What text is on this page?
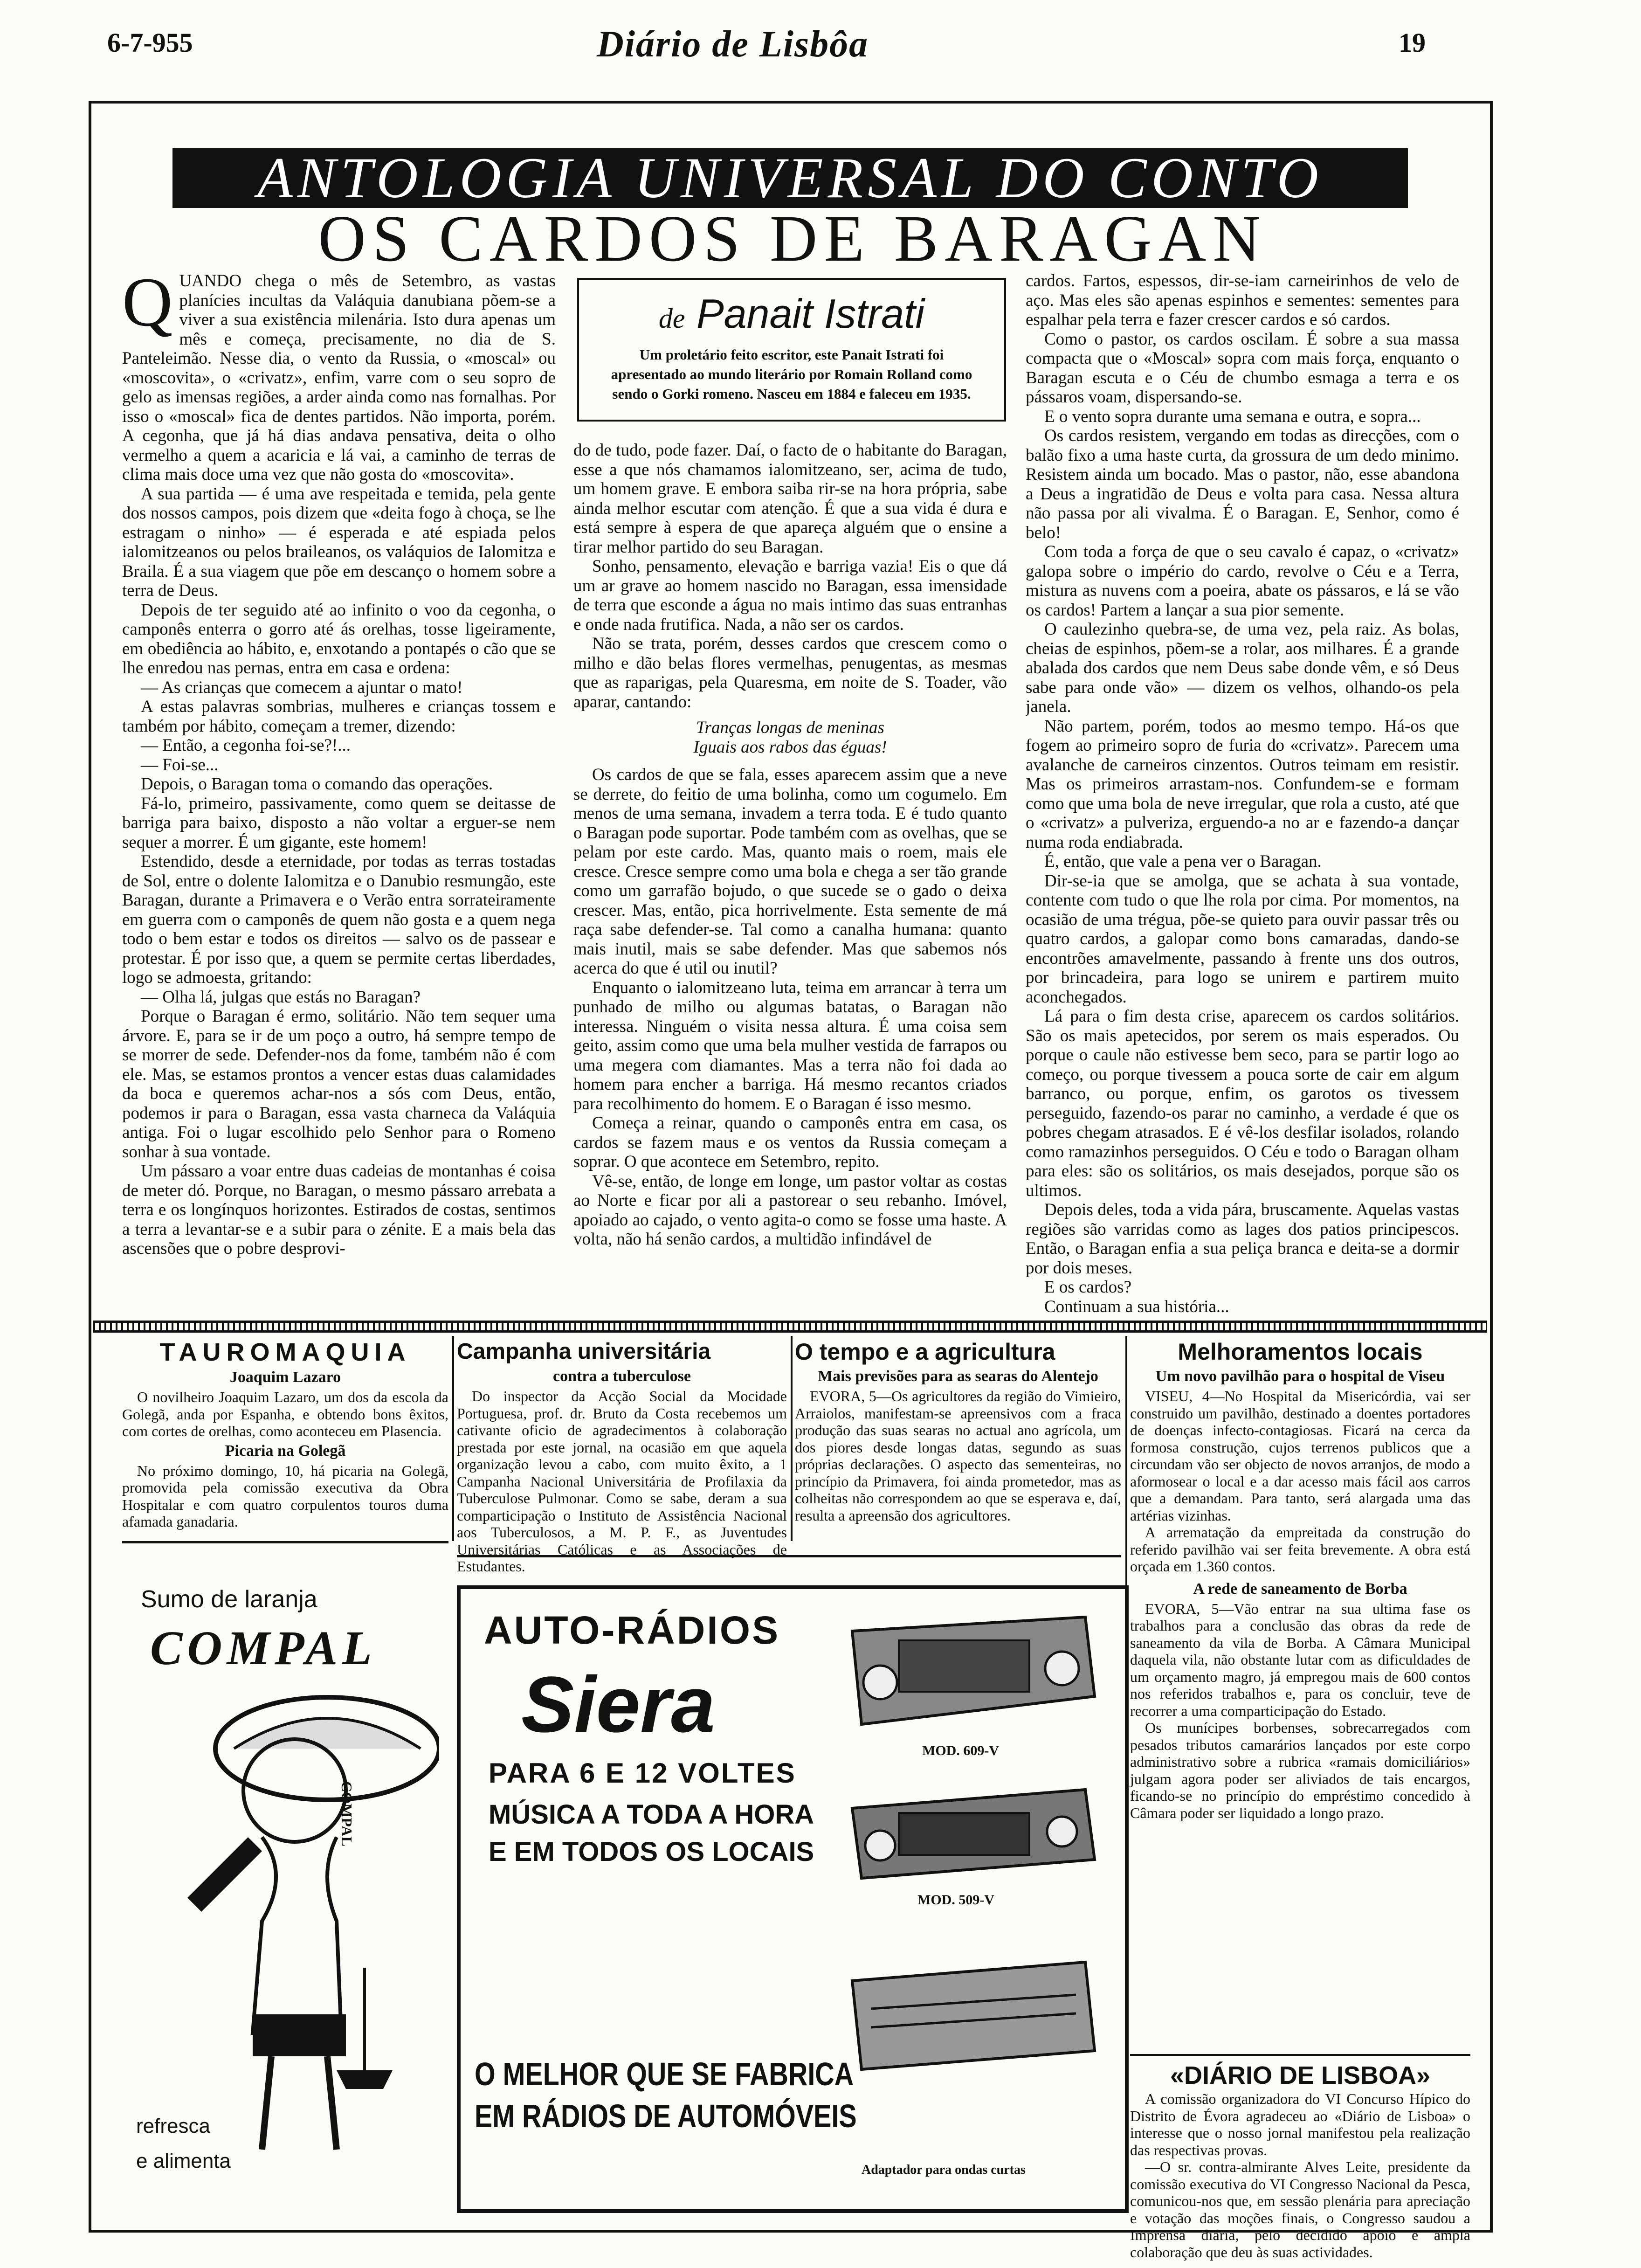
6-7-955	Diário de Lisbôa	19
ANTOLOGIA UNIVERSAL DO CONTO
OS CARDOS DE BARAGAN
de Panait Istrati
Um proletário feito escritor, este Panait Istrati foi apresentado ao mundo literário por Romain Rolland como sendo o Gorki romeno. Nasceu em 1884 e faleceu em 1935.
Q UANDO chega o mês de Setembro, as vastas planícies incultas da Valáquia danubiana põem-se a viver a sua existência milenária. Isto dura apenas um mês e começa, precisamente, no dia de S. Panteleimão. Nesse dia, o vento da Russia, o «moscal» ou «moscovita», o «crivatz», enfim, varre com o seu sopro de gelo as imensas regiões, a arder ainda como nas fornalhas. Por isso o «moscal» fica de dentes partidos. Não importa, porém. A cegonha, que já há dias andava pensativa, deita o olho vermelho a quem a acaricia e lá vai, a caminho de terras de clima mais doce uma vez que não gosta do «moscovita».

A sua partida — é uma ave respeitada e temida, pela gente dos nossos campos, pois dizem que «deita fogo à choça, se lhe estragam o ninho» — é esperada e até espiada pelos ialomitzeanos ou pelos braileanos, os valáquios de Ialomitza e Braila. É a sua viagem que põe em descanço o homem sobre a terra de Deus.

Depois de ter seguido até ao infinito o voo da cegonha, o camponês enterra o gorro até ás orelhas, tosse ligeiramente, em obediência ao hábito, e, enxotando a pontapés o cão que se lhe enredou nas pernas, entra em casa e ordena:

— As crianças que comecem a ajuntar o mato!

A estas palavras sombrias, mulheres e crianças tossem e também por hábito, começam a tremer, dizendo:

— Então, a cegonha foi-se?!...

— Foi-se...

Depois, o Baragan toma o comando das operações.

Fá-lo, primeiro, passivamente, como quem se deitasse de barriga para baixo, disposto a não voltar a erguer-se nem sequer a morrer. É um gigante, este homem!

Estendido, desde a eternidade, por todas as terras tostadas de Sol, entre o dolente Ialomitza e o Danubio resmungão, este Baragan, durante a Primavera e o Verão entra sorrateiramente em guerra com o camponês de quem não gosta e a quem nega todo o bem estar e todos os direitos — salvo os de passear e protestar. É por isso que, a quem se permite certas liberdades, logo se admoesta, gritando:

— Olha lá, julgas que estás no Baragan?

Porque o Baragan é ermo, solitário. Não tem sequer uma árvore. E, para se ir de um poço a outro, há sempre tempo de se morrer de sede. Defender-nos da fome, também não é com ele. Mas, se estamos prontos a vencer estas duas calamidades da boca e queremos achar-nos a sós com Deus, então, podemos ir para o Baragan, essa vasta charneca da Valáquia antiga. Foi o lugar escolhido pelo Senhor para o Romeno sonhar à sua vontade.

Um pássaro a voar entre duas cadeias de montanhas é coisa de meter dó. Porque, no Baragan, o mesmo pássaro arrebata a terra e os longínquos horizontes. Estirados de costas, sentimos a terra a levantar-se e a subir para o zénite. E a mais bela das ascensões que o pobre desprovi-

do de tudo, pode fazer. Daí, o facto de o habitante do Baragan, esse a que nós chamamos ialomitzeano, ser, acima de tudo, um homem grave. E embora saiba rir-se na hora própria, sabe ainda melhor escutar com atenção. É que a sua vida é dura e está sempre à espera de que apareça alguém que o ensine a tirar melhor partido do seu Baragan.

Sonho, pensamento, elevação e barriga vazia! Eis o que dá um ar grave ao homem nascido no Baragan, essa imensidade de terra que esconde a água no mais intimo das suas entranhas e onde nada frutifica. Nada, a não ser os cardos.

Não se trata, porém, desses cardos que crescem como o milho e dão belas flores vermelhas, penugentas, as mesmas que as raparigas, pela Quaresma, em noite de S. Toader, vão aparar, cantando:

Tranças longas de meninas

Iguais aos rabos das éguas!

Os cardos de que se fala, esses aparecem assim que a neve se derrete, do feitio de uma bolinha, como um cogumelo. Em menos de uma semana, invadem a terra toda. E é tudo quanto o Baragan pode suportar. Pode também com as ovelhas, que se pelam por este cardo. Mas, quanto mais o roem, mais ele cresce. Cresce sempre como uma bola e chega a ser tão grande como um garrafão bojudo, o que sucede se o gado o deixa crescer. Mas, então, pica horrivelmente. Esta semente de má raça sabe defender-se. Tal como a canalha humana: quanto mais inutil, mais se sabe defender. Mas que sabemos nós acerca do que é util ou inutil?

Enquanto o ialomitzeano luta, teima em arrancar à terra um punhado de milho ou algumas batatas, o Baragan não interessa. Ninguém o visita nessa altura. É uma coisa sem geito, assim como que uma bela mulher vestida de farrapos ou uma megera com diamantes. Mas a terra não foi dada ao homem para encher a barriga. Há mesmo recantos criados para recolhimento do homem. E o Baragan é isso mesmo.

Começa a reinar, quando o camponês entra em casa, os cardos se fazem maus e os ventos da Russia começam a soprar. O que acontece em Setembro, repito.

Vê-se, então, de longe em longe, um pastor voltar as costas ao Norte e ficar por ali a pastorear o seu rebanho. Imóvel, apoiado ao cajado, o vento agita-o como se fosse uma haste. A volta, não há senão cardos, a multidão infindável de

cardos. Fartos, espessos, dir-se-iam carneirinhos de velo de aço. Mas eles são apenas espinhos e sementes: sementes para espalhar pela terra e fazer crescer cardos e só cardos.

Como o pastor, os cardos oscilam. É sobre a sua massa compacta que o «Moscal» sopra com mais força, enquanto o Baragan escuta e o Céu de chumbo esmaga a terra e os pássaros voam, dispersando-se.

E o vento sopra durante uma semana e outra, e sopra...

Os cardos resistem, vergando em todas as direcções, com o balão fixo a uma haste curta, da grossura de um dedo minimo. Resistem ainda um bocado. Mas o pastor, não, esse abandona a Deus a ingratidão de Deus e volta para casa. Nessa altura não passa por ali vivalma. É o Baragan. E, Senhor, como é belo!

Com toda a força de que o seu cavalo é capaz, o «crivatz» galopa sobre o império do cardo, revolve o Céu e a Terra, mistura as nuvens com a poeira, abate os pássaros, e lá se vão os cardos! Partem a lançar a sua pior semente.

O caulezinho quebra-se, de uma vez, pela raiz. As bolas, cheias de espinhos, põem-se a rolar, aos milhares. É a grande abalada dos cardos que nem Deus sabe donde vêm, e só Deus sabe para onde vão» — dizem os velhos, olhando-os pela janela.

Não partem, porém, todos ao mesmo tempo. Há-os que fogem ao primeiro sopro de furia do «crivatz». Parecem uma avalanche de carneiros cinzentos. Outros teimam em resistir. Mas os primeiros arrastam-nos. Confundem-se e formam como que uma bola de neve irregular, que rola a custo, até que o «crivatz» a pulveriza, erguendo-a no ar e fazendo-a dançar numa roda endiabrada.

É, então, que vale a pena ver o Baragan.

Dir-se-ia que se amolga, que se achata à sua vontade, contente com tudo o que lhe rola por cima. Por momentos, na ocasião de uma trégua, põe-se quieto para ouvir passar três ou quatro cardos, a galopar como bons camaradas, dando-se encontrões amavelmente, passando à frente uns dos outros, por brincadeira, para logo se unirem e partirem muito aconchegados.

Lá para o fim desta crise, aparecem os cardos solitários. São os mais apetecidos, por serem os mais esperados. Ou porque o caule não estivesse bem seco, para se partir logo ao começo, ou porque tivessem a pouca sorte de cair em algum barranco, ou porque, enfim, os garotos os tivessem perseguido, fazendo-os parar no caminho, a verdade é que os pobres chegam atrasados. E é vê-los desfilar isolados, rolando como ramazinhos perseguidos. O Céu e todo o Baragan olham para eles: são os solitários, os mais desejados, porque são os ultimos.

Depois deles, toda a vida pára, bruscamente. Aquelas vastas regiões são varridas como as lages dos patios principescos. Então, o Baragan enfia a sua peliça branca e deita-se a dormir por dois meses.

E os cardos?

Continuam a sua história...

TAUROMAQUIA
Joaquim Lazaro

O novilheiro Joaquim Lazaro, um dos da escola da Golegã, anda por Espanha, e obtendo bons êxitos, com cortes de orelhas, como aconteceu em Plasencia.

Picaria na Golegã

No próximo domingo, 10, há picaria na Golegã, promovida pela comissão executiva da Obra Hospitalar e com quatro corpulentos touros duma afamada ganadaria.

Campanha universitária
contra a tuberculose

Do inspector da Acção Social da Mocidade Portuguesa, prof. dr. Bruto da Costa recebemos um cativante oficio de agradecimentos à colaboração prestada por este jornal, na ocasião em que aquela organização levou a cabo, com muito êxito, a 1 Campanha Nacional Universitária de Profilaxia da Tuberculose Pulmonar. Como se sabe, deram a sua comparticipação o Instituto de Assistência Nacional aos Tuberculosos, a M. P. F., as Juventudes Universitárias Católicas e as Associações de Estudantes.

O tempo e a agricultura
Mais previsões para as searas do Alentejo

EVORA, 5—Os agricultores da região do Vimieiro, Arraiolos, manifestam-se apreensivos com a fraca produção das suas searas no actual ano agrícola, um dos piores desde longas datas, segundo as suas próprias declarações. O aspecto das sementeiras, no princípio da Primavera, foi ainda prometedor, mas as colheitas não correspondem ao que se esperava e, daí, resulta a apreensão dos agricultores.

Melhoramentos locais
Um novo pavilhão para o hospital de Viseu

VISEU, 4—No Hospital da Misericórdia, vai ser construido um pavilhão, destinado a doentes portadores de doenças infecto-contagiosas. Ficará na cerca da formosa construção, cujos terrenos publicos que a circundam vão ser objecto de novos arranjos, de modo a aformosear o local e a dar acesso mais fácil aos carros que a demandam. Para tanto, será alargada uma das artérias vizinhas.

A arrematação da empreitada da construção do referido pavilhão vai ser feita brevemente. A obra está orçada em 1.360 contos.

A rede de saneamento de Borba

EVORA, 5—Vão entrar na sua ultima fase os trabalhos para a conclusão das obras da rede de saneamento da vila de Borba. A Câmara Municipal daquela vila, não obstante lutar com as dificuldades de um orçamento magro, já empregou mais de 600 contos nos referidos trabalhos e, para os concluir, teve de recorrer a uma comparticipação do Estado.

Os munícipes borbenses, sobrecarregados com pesados tributos camarários lançados por este corpo administrativo sobre a rubrica «ramais domiciliários» julgam agora poder ser aliviados de tais encargos, ficando-se no princípio do empréstimo concedido à Câmara poder ser liquidado a longo prazo.

«DIÁRIO DE LISBOA»

A comissão organizadora do VI Concurso Hípico do Distrito de Évora agradeceu ao «Diário de Lisboa» o interesse que o nosso jornal manifestou pela realização das respectivas provas.

—O sr. contra-almirante Alves Leite, presidente da comissão executiva do VI Congresso Nacional da Pesca, comunicou-nos que, em sessão plenária para apreciação e votação das moções finais, o Congresso saudou a Imprensa diária, pelo decidido apoio e ampla colaboração que deu às suas actividades.

Sumo de laranja
COMPAL
COMPAL
refresca
e alimenta
AUTO-RÁDIOS
Siera
PARA 6 E 12 VOLTES
MÚSICA A TODA A HORA
E EM TODOS OS LOCAIS
O MELHOR QUE SE FABRICA
EM RÁDIOS DE AUTOMÓVEIS
MOD. 609-V
MOD. 509-V
Adaptador para ondas curtas
